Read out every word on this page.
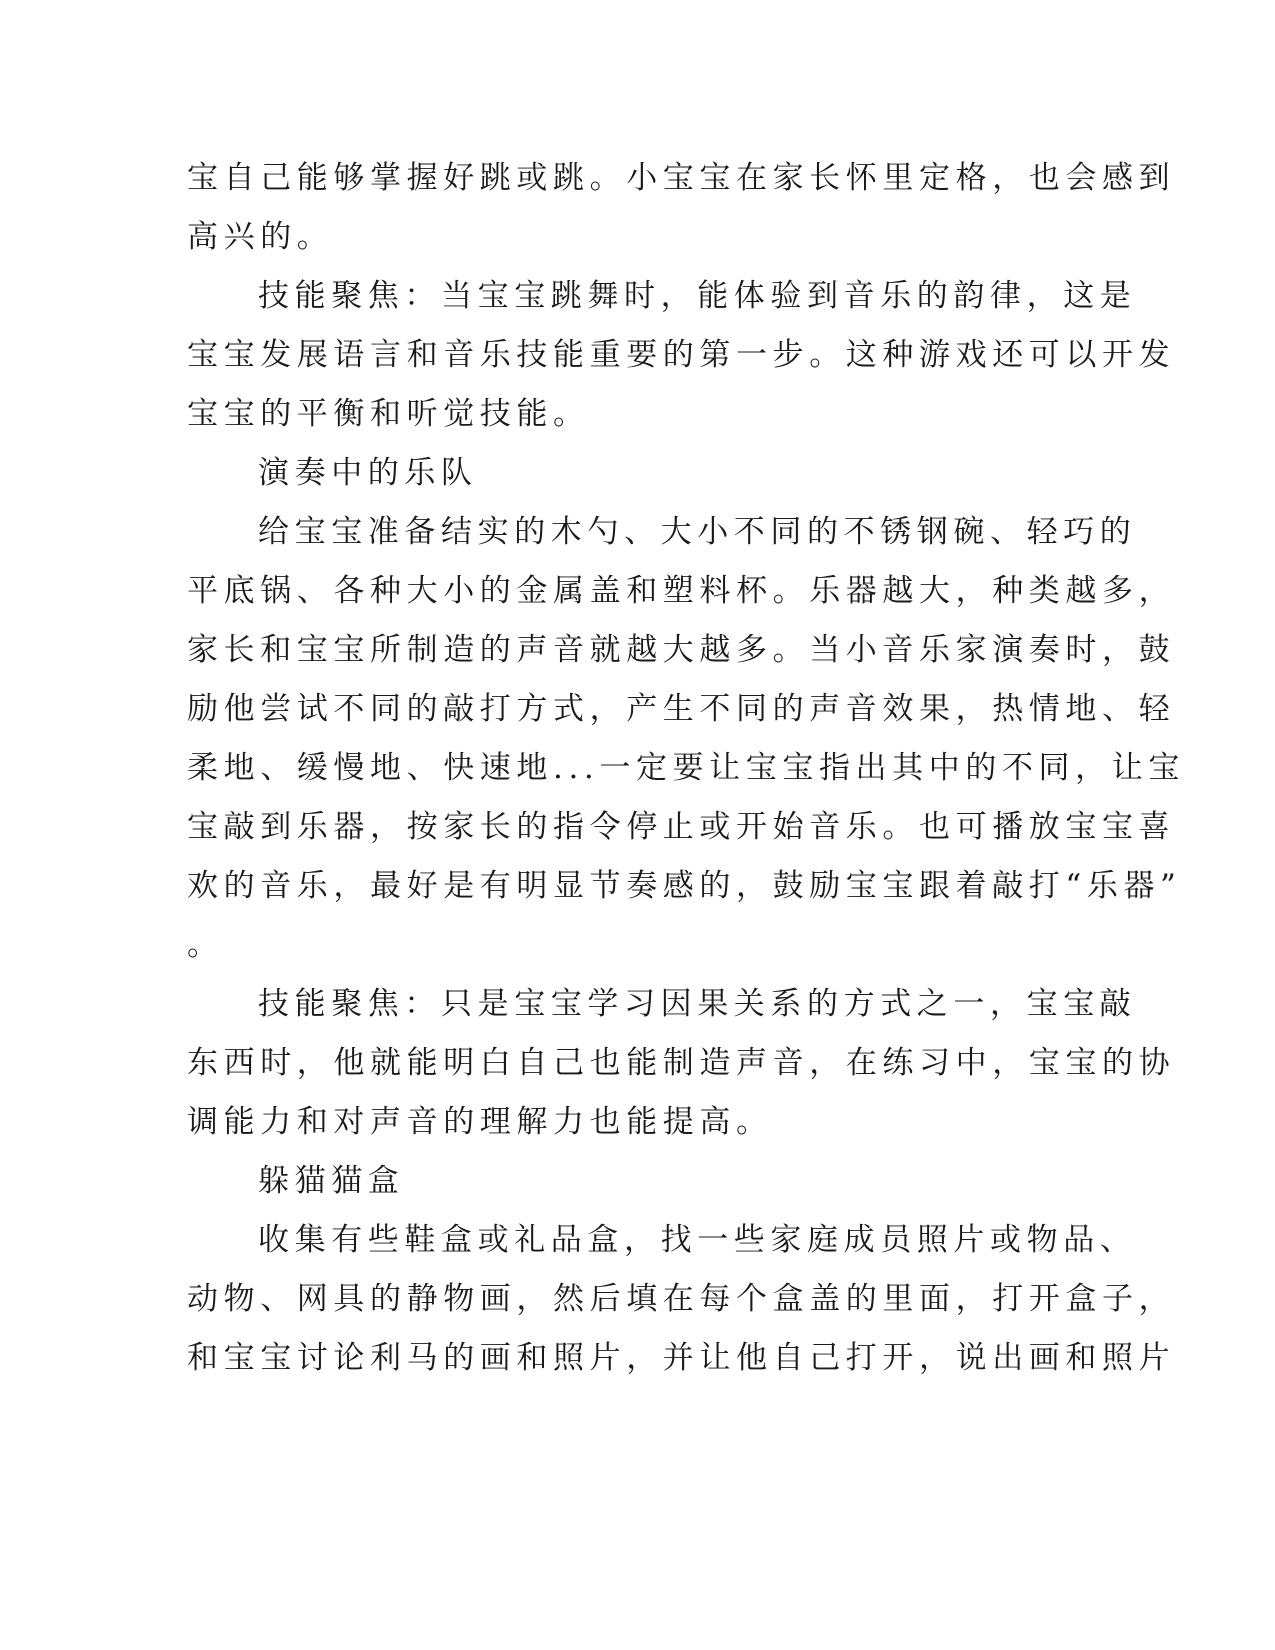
宝自己能够掌握好跳或跳。小宝宝在家长怀里定格，也会感到
高兴的。
技能聚焦：当宝宝跳舞时，能体验到音乐的韵律，这是
宝宝发展语言和音乐技能重要的第一步。这种游戏还可以开发
宝宝的平衡和听觉技能。
演奏中的乐队
给宝宝准备结实的木勺、大小不同的不锈钢碗、轻巧的
平底锅、各种大小的金属盖和塑料杯。乐器越大，种类越多，
家长和宝宝所制造的声音就越大越多。当小音乐家演奏时，鼓
励他尝试不同的敲打方式，产生不同的声音效果，热情地、轻
柔地、缓慢地、快速地...一定要让宝宝指出其中的不同，让宝
宝敲到乐器，按家长的指令停止或开始音乐。也可播放宝宝喜
欢的音乐，最好是有明显节奏感的，鼓励宝宝跟着敲打“乐器”
。
技能聚焦：只是宝宝学习因果关系的方式之一，宝宝敲
东西时，他就能明白自己也能制造声音，在练习中，宝宝的协
调能力和对声音的理解力也能提高。
躲猫猫盒
收集有些鞋盒或礼品盒，找一些家庭成员照片或物品、
动物、网具的静物画，然后填在每个盒盖的里面，打开盒子，
和宝宝讨论利马的画和照片，并让他自己打开，说出画和照片
